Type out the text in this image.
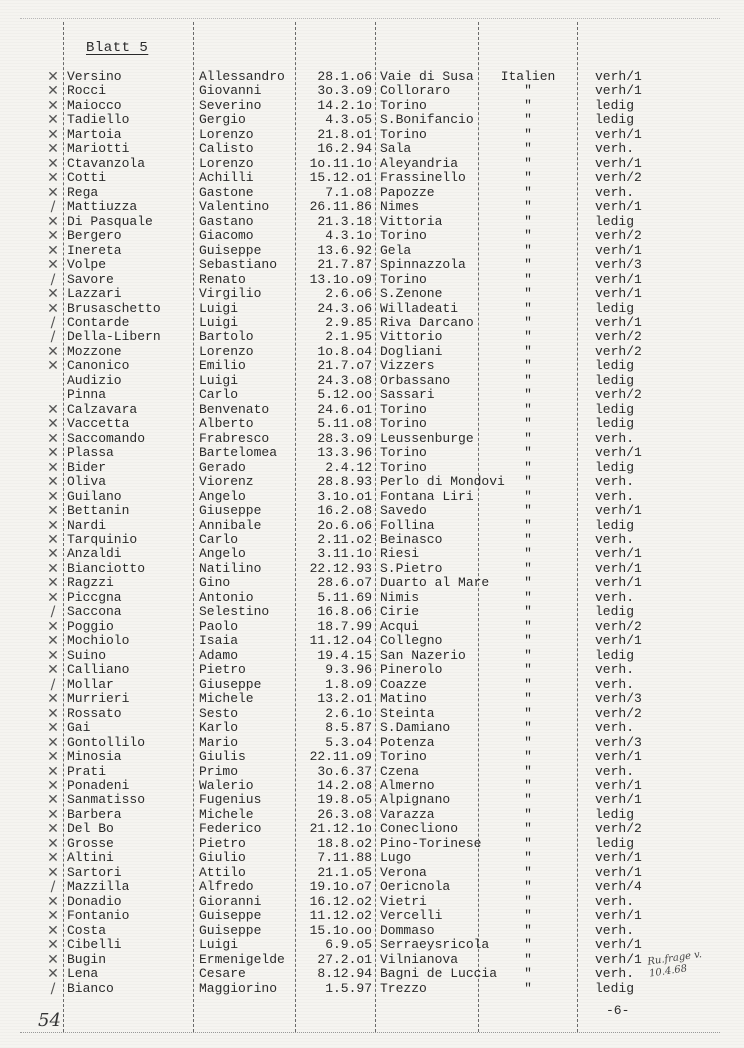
Blatt 5
✕ Versino	Allessandro	28.1.o6 Vaie di Susa	Italien	verh/1
✕ Rocci	Giovanni	3o.3.o9 Colloraro	"	verh/1
✕ Maiocco	Severino	14.2.1o Torino	"	ledig
✕ Tadiello	Gergio	4.3.o5 S.Bonifancio	"	ledig
✕ Martoia	Lorenzo	21.8.o1 Torino	"	verh/1
✕ Mariotti	Calisto	16.2.94 Sala	"	verh.
✕ Ctavanzola	Lorenzo	1o.11.1o Aleyandria	"	verh/1
✕ Cotti	Achilli	15.12.o1 Frassinello	"	verh/2
✕ Rega	Gastone	7.1.o8 Papozze	"	verh.
/ Mattiuzza	Valentino	26.11.86 Nimes	"	verh/1
✕ Di Pasquale	Gastano	21.3.18 Vittoria	"	ledig
✕ Bergero	Giacomo	4.3.1o Torino	"	verh/2
✕ Inereta	Guiseppe	13.6.92 Gela	"	verh/1
✕ Volpe	Sebastiano	21.7.87 Spinnazzola	"	verh/3
/ Savore	Renato	13.1o.o9 Torino	"	verh/1
✕ Lazzari	Virgilio	2.6.o6 S.Zenone	"	verh/1
✕ Brusaschetto	Luigi	24.3.o6 Willadeati	"	ledig
/ Contarde	Luigi	2.9.85 Riva Darcano	"	verh/1
/ Della-Libern	Bartolo	2.1.95 Vittorio	"	verh/2
✕ Mozzone	Lorenzo	1o.8.o4 Dogliani	"	verh/2
✕ Canonico	Emilio	21.7.o7 Vizzers	"	ledig
Audizio	Luigi	24.3.o8 Orbassano	"	ledig
Pinna	Carlo	5.12.oo Sassari	"	verh/2
✕ Calzavara	Benvenato	24.6.o1 Torino	"	ledig
✕ Vaccetta	Alberto	5.11.o8 Torino	"	ledig
✕ Saccomando	Frabresco	28.3.o9 Leussenburge	"	verh.
✕ Plassa	Bartelomea	13.3.96 Torino	"	verh/1
✕ Bider	Gerado	2.4.12 Torino	"	ledig
✕ Oliva	Viorenz	28.8.93 Perlo di Mondovi	"	verh.
✕ Guilano	Angelo	3.1o.o1 Fontana Liri	"	verh.
✕ Bettanin	Giuseppe	16.2.o8 Savedo	"	verh/1
✕ Nardi	Annibale	2o.6.o6 Follina	"	ledig
✕ Tarquinio	Carlo	2.11.o2 Beinasco	"	verh.
✕ Anzaldi	Angelo	3.11.1o Riesi	"	verh/1
✕ Bianciotto	Natilino	22.12.93 S.Pietro	"	verh/1
✕ Ragzzi	Gino	28.6.o7 Duarto al Mare	"	verh/1
✕ Piccgna	Antonio	5.11.69 Nimis	"	verh.
/ Saccona	Selestino	16.8.o6 Cirie	"	ledig
✕ Poggio	Paolo	18.7.99 Acqui	"	verh/2
✕ Mochiolo	Isaia	11.12.o4 Collegno	"	verh/1
✕ Suino	Adamo	19.4.15 San Nazerio	"	ledig
✕ Calliano	Pietro	9.3.96 Pinerolo	"	verh.
/ Mollar	Giuseppe	1.8.o9 Coazze	"	verh.
✕ Murrieri	Michele	13.2.o1 Matino	"	verh/3
✕ Rossato	Sesto	2.6.1o Steinta	"	verh/2
✕ Gai	Karlo	8.5.87 S.Damiano	"	verh.
✕ Gontollilo	Mario	5.3.o4 Potenza	"	verh/3
✕ Minosia	Giulis	22.11.o9 Torino	"	verh/1
✕ Prati	Primo	3o.6.37 Czena	"	verh.
✕ Ponadeni	Walerio	14.2.o8 Almerno	"	verh/1
✕ Sanmatisso	Fugenius	19.8.o5 Alpignano	"	verh/1
✕ Barbera	Michele	26.3.o8 Varazza	"	ledig
✕ Del Bo	Federico	21.12.1o Conecliono	"	verh/2
✕ Grosse	Pietro	18.8.o2 Pino-Torinese	"	ledig
✕ Altini	Giulio	7.11.88 Lugo	"	verh/1
✕ Sartori	Attilo	21.1.o5 Verona	"	verh/1
/ Mazzilla	Alfredo	19.1o.o7 Oericnola	"	verh/4
✕ Donadio	Gioranni	16.12.o2 Vietri	"	verh.
✕ Fontanio	Guiseppe	11.12.o2 Vercelli	"	verh/1
✕ Costa	Guiseppe	15.1o.oo Dommaso	"	verh.
✕ Cibelli	Luigi	6.9.o5 Serraeysricola	"	verh/1
✕ Bugin	Ermenigelde	27.2.o1 Vilnianova	"	verh/1
✕ Lena	Cesare	8.12.94 Bagni de Luccia	"	verh.
/ Bianco	Maggiorino	1.5.97 Trezzo	"	ledig
Ru.frage v. 10.4.68
-6-
54
